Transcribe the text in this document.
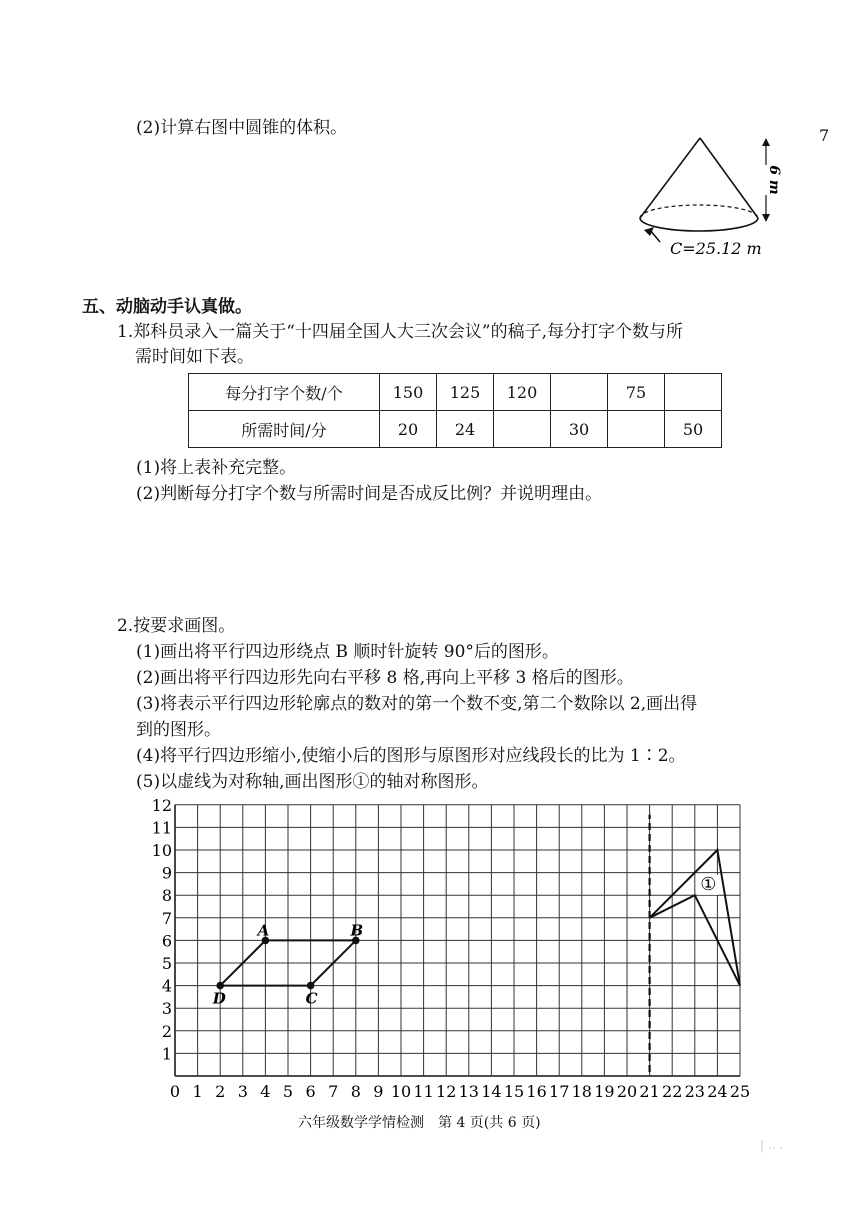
7
(2)计算右图中圆锥的体积。
6 m
C=25.12 m
五、动脑动手认真做。
1.郑科员录入一篇关于“十四届全国人大三次会议”的稿子,每分打字个数与所
需时间如下表。
每分打字个数/个	150	125	120		75	
所需时间/分	20	24		30		50
(1)将上表补充完整。
(2)判断每分打字个数与所需时间是否成反比例？并说明理由。
2.按要求画图。
(1)画出将平行四边形绕点 B 顺时针旋转 90°后的图形。
(2)画出将平行四边形先向右平移 8 格,再向上平移 3 格后的图形。
(3)将表示平行四边形轮廓点的数对的第一个数不变,第二个数除以 2,画出得
到的图形。
(4)将平行四边形缩小,使缩小后的图形与原图形对应线段长的比为 1∶2。
(5)以虚线为对称轴,画出图形①的轴对称图形。
0 1 2 3 4 5 6 7 8 9 10 11 12 13 14 15 16 17 18 19 20 21 22 23 24 25
1
2
3
4
5
6
7
8
9
10
11
12
A	B
C
D
①
六年级数学学情检测　第 4 页(共 6 页)
| .. .
